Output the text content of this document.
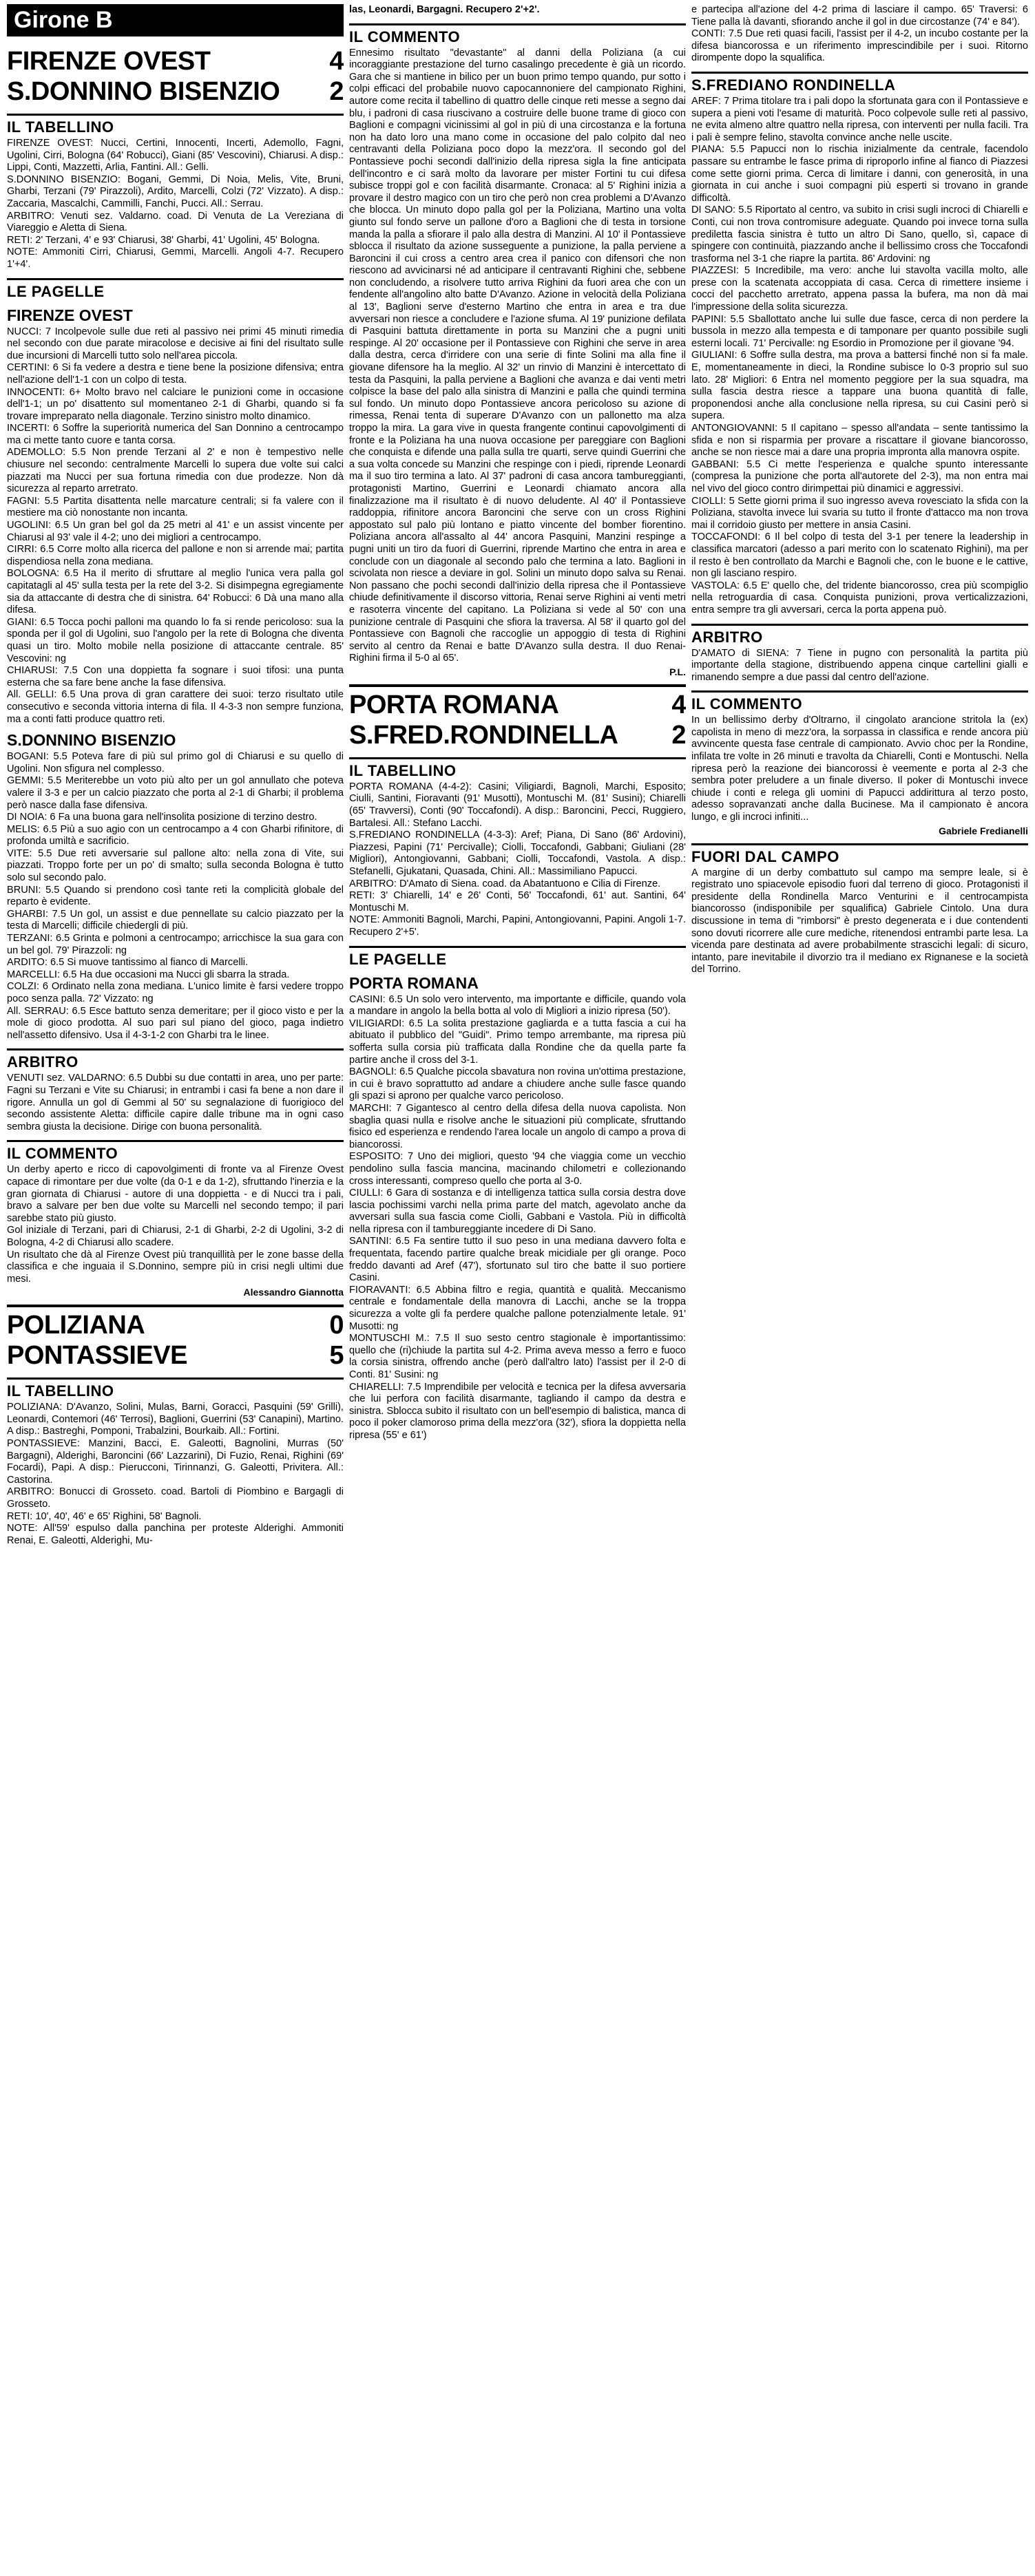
Girone B
FIRENZE OVEST	4
S.DONNINO BISENZIO	2
IL TABELLINO

FIRENZE OVEST: Nucci, Certini, Innocenti, Incerti, Ademollo, Fagni, Ugolini, Cirri, Bologna (64' Robucci), Giani (85' Vescovini), Chiarusi. A disp.: Lippi, Conti, Mazzetti, Arlia, Fantini. All.: Gelli.

S.DONNINO BISENZIO: Bogani, Gemmi, Di Noia, Melis, Vite, Bruni, Gharbi, Terzani (79' Pirazzoli), Ardito, Marcelli, Colzi (72' Vizzato). A disp.: Zaccaria, Mascalchi, Cammilli, Fanchi, Pucci. All.: Serrau.

ARBITRO: Venuti sez. Valdarno. coad. Di Venuta de La Vereziana di Viareggio e Aletta di Siena.

RETI: 2' Terzani, 4' e 93' Chiarusi, 38' Gharbi, 41' Ugolini, 45' Bologna.

NOTE: Ammoniti Cirri, Chiarusi, Gemmi, Marcelli. Angoli 4-7. Recupero 1'+4'.

LE PAGELLE
FIRENZE OVEST

NUCCI: 7 Incolpevole sulle due reti al passivo nei primi 45 minuti rimedia nel secondo con due parate miracolose e decisive ai fini del risultato sulle due incursioni di Marcelli tutto solo nell'area piccola.

CERTINI: 6 Si fa vedere a destra e tiene bene la posizione difensiva; entra nell'azione dell'1-1 con un colpo di testa.

INNOCENTI: 6+ Molto bravo nel calciare le punizioni come in occasione dell'1-1; un po' disattento sul momentaneo 2-1 di Gharbi, quando si fa trovare impreparato nella diagonale. Terzino sinistro molto dinamico.

INCERTI: 6 Soffre la superiorità numerica del San Donnino a centrocampo ma ci mette tanto cuore e tanta corsa.

ADEMOLLO: 5.5 Non prende Terzani al 2' e non è tempestivo nelle chiusure nel secondo: centralmente Marcelli lo supera due volte sui calci piazzati ma Nucci per sua fortuna rimedia con due prodezze. Non dà sicurezza al reparto arretrato.

FAGNI: 5.5 Partita disattenta nelle marcature centrali; si fa valere con il mestiere ma ciò nonostante non incanta.

UGOLINI: 6.5 Un gran bel gol da 25 metri al 41' e un assist vincente per Chiarusi al 93' vale il 4-2; uno dei migliori a centrocampo.

CIRRI: 6.5 Corre molto alla ricerca del pallone e non si arrende mai; partita dispendiosa nella zona mediana.

BOLOGNA: 6.5 Ha il merito di sfruttare al meglio l'unica vera palla gol capitatagli al 45' sulla testa per la rete del 3-2. Si disimpegna egregiamente sia da attaccante di destra che di sinistra. 64' Robucci: 6 Dà una mano alla difesa.

GIANI: 6.5 Tocca pochi palloni ma quando lo fa si rende pericoloso: sua la sponda per il gol di Ugolini, suo l'angolo per la rete di Bologna che diventa quasi un tiro. Molto mobile nella posizione di attaccante centrale. 85' Vescovini: ng

CHIARUSI: 7.5 Con una doppietta fa sognare i suoi tifosi: una punta esterna che sa fare bene anche la fase difensiva.

All. GELLI: 6.5 Una prova di gran carattere dei suoi: terzo risultato utile consecutivo e seconda vittoria interna di fila. Il 4-3-3 non sempre funziona, ma a conti fatti produce quattro reti.

S.DONNINO BISENZIO

BOGANI: 5.5 Poteva fare di più sul primo gol di Chiarusi e su quello di Ugolini. Non sfigura nel complesso.

GEMMI: 5.5 Meriterebbe un voto più alto per un gol annullato che poteva valere il 3-3 e per un calcio piazzato che porta al 2-1 di Gharbi; il problema però nasce dalla fase difensiva.

DI NOIA: 6 Fa una buona gara nell'insolita posizione di terzino destro.

MELIS: 6.5 Più a suo agio con un centrocampo a 4 con Gharbi rifinitore, di profonda umiltà e sacrificio.

VITE: 5.5 Due reti avversarie sul pallone alto: nella zona di Vite, sui piazzati. Troppo forte per un po' di smalto; sulla seconda Bologna è tutto solo sul secondo palo.

BRUNI: 5.5 Quando si prendono così tante reti la complicità globale del reparto è evidente.

GHARBI: 7.5 Un gol, un assist e due pennellate su calcio piazzato per la testa di Marcelli; difficile chiedergli di più.

TERZANI: 6.5 Grinta e polmoni a centrocampo; arricchisce la sua gara con un bel gol. 79' Pirazzoli: ng

ARDITO: 6.5 Si muove tantissimo al fianco di Marcelli.

MARCELLI: 6.5 Ha due occasioni ma Nucci gli sbarra la strada.

COLZI: 6 Ordinato nella zona mediana. L'unico limite è farsi vedere troppo poco senza palla. 72' Vizzato: ng

All. SERRAU: 6.5 Esce battuto senza demeritare; per il gioco visto e per la mole di gioco prodotta. Al suo pari sul piano del gioco, paga indietro nell'assetto difensivo. Usa il 4-3-1-2 con Gharbi tra le linee.

ARBITRO

VENUTI sez. VALDARNO: 6.5 Dubbi su due contatti in area, uno per parte: Fagni su Terzani e Vite su Chiarusi; in entrambi i casi fa bene a non dare il rigore. Annulla un gol di Gemmi al 50' su segnalazione di fuorigioco del secondo assistente Aletta: difficile capire dalle tribune ma in ogni caso sembra giusta la decisione. Dirige con buona personalità.

IL COMMENTO

Un derby aperto e ricco di capovolgimenti di fronte va al Firenze Ovest capace di rimontare per due volte (da 0-1 e da 1-2), sfruttando l'inerzia e la gran giornata di Chiarusi - autore di una doppietta - e di Nucci tra i pali, bravo a salvare per ben due volte su Marcelli nel secondo tempo; il pari sarebbe stato più giusto.

Gol iniziale di Terzani, pari di Chiarusi, 2-1 di Gharbi, 2-2 di Ugolini, 3-2 di Bologna, 4-2 di Chiarusi allo scadere.

Un risultato che dà al Firenze Ovest più tranquillità per le zone basse della classifica e che inguaia il S.Donnino, sempre più in crisi negli ultimi due mesi.

Alessandro Giannotta
POLIZIANA	0
PONTASSIEVE	5
IL TABELLINO

POLIZIANA: D'Avanzo, Solini, Mulas, Barni, Goracci, Pasquini (59' Grilli), Leonardi, Contemori (46' Terrosi), Baglioni, Guerrini (53' Canapini), Martino. A disp.: Bastreghi, Pomponi, Trabalzini, Bourkaib. All.: Fortini.

PONTASSIEVE: Manzini, Bacci, E. Galeotti, Bagnolini, Murras (50' Bargagni), Alderighi, Baroncini (66' Lazzarini), Di Fuzio, Renai, Righini (69' Focardi), Papi. A disp.: Pierucconi, Tirinnanzi, G. Galeotti, Privitera. All.: Castorina.

ARBITRO: Bonucci di Grosseto. coad. Bartoli di Piombino e Bargagli di Grosseto.

RETI: 10', 40', 46' e 65' Righini, 58' Bagnoli.

NOTE: All'59' espulso dalla panchina per proteste Alderighi. Ammoniti Renai, E. Galeotti, Alderighi, Mu-

las, Leonardi, Bargagni. Recupero 2'+2'.

IL COMMENTO

Ennesimo risultato "devastante" al danni della Poliziana (a cui incoraggiante prestazione del turno casalingo precedente è già un ricordo. Gara che si mantiene in bilico per un buon primo tempo quando, pur sotto i colpi efficaci del probabile nuovo capocannoniere del campionato Righini, autore come recita il tabellino di quattro delle cinque reti messe a segno dai blu, i padroni di casa riuscivano a costruire delle buone trame di gioco con Baglioni e compagni vicinissimi al gol in più di una circostanza e la fortuna non ha dato loro una mano come in occasione del palo colpito dal neo centravanti della Poliziana poco dopo la mezz'ora. Il secondo gol del Pontassieve pochi secondi dall'inizio della ripresa sigla la fine anticipata dell'incontro e ci sarà molto da lavorare per mister Fortini tu cui difesa subisce troppi gol e con facilità disarmante. Cronaca: al 5' Righini inizia a provare il destro magico con un tiro che però non crea problemi a D'Avanzo che blocca. Un minuto dopo palla gol per la Poliziana, Martino una volta giunto sul fondo serve un pallone d'oro a Baglioni che di testa in torsione manda la palla a sfiorare il palo alla destra di Manzini. Al 10' il Pontassieve sblocca il risultato da azione susseguente a punizione, la palla perviene a Baroncini il cui cross a centro area crea il panico con difensori che non riescono ad avvicinarsi né ad anticipare il centravanti Righini che, sebbene non concludendo, a risolvere tutto arriva Righini da fuori area che con un fendente all'angolino alto batte D'Avanzo. Azione in velocità della Poliziana al 13', Baglioni serve d'esterno Martino che entra in area e tra due avversari non riesce a concludere e l'azione sfuma. Al 19' punizione defilata di Pasquini battuta direttamente in porta su Manzini che a pugni uniti respinge. Al 20' occasione per il Pontassieve con Righini che serve in area dalla destra, cerca d'irridere con una serie di finte Solini ma alla fine il giovane difensore ha la meglio. Al 32' un rinvio di Manzini è intercettato di testa da Pasquini, la palla perviene a Baglioni che avanza e dai venti metri colpisce la base del palo alla sinistra di Manzini e palla che quindi termina sul fondo. Un minuto dopo Pontassieve ancora pericoloso su azione di rimessa, Renai tenta di superare D'Avanzo con un pallonetto ma alza troppo la mira. La gara vive in questa frangente continui capovolgimenti di fronte e la Poliziana ha una nuova occasione per pareggiare con Baglioni che conquista e difende una palla sulla tre quarti, serve quindi Guerrini che a sua volta concede su Manzini che respinge con i piedi, riprende Leonardi ma il suo tiro termina a lato. Al 37' padroni di casa ancora tambureggianti, protagonisti Martino, Guerrini e Leonardi chiamato ancora alla finalizzazione ma il risultato è di nuovo deludente. Al 40' il Pontassieve raddoppia, rifinitore ancora Baroncini che serve con un cross Righini appostato sul palo più lontano e piatto vincente del bomber fiorentino. Poliziana ancora all'assalto al 44' ancora Pasquini, Manzini respinge a pugni uniti un tiro da fuori di Guerrini, riprende Martino che entra in area e conclude con un diagonale al secondo palo che termina a lato. Baglioni in scivolata non riesce a deviare in gol. Solini un minuto dopo salva su Renai. Non passano che pochi secondi dall'inizio della ripresa che il Pontassieve chiude definitivamente il discorso vittoria, Renai serve Righini ai venti metri e rasoterra vincente del capitano. La Poliziana si vede al 50' con una punizione centrale di Pasquini che sfiora la traversa. Al 58' il quarto gol del Pontassieve con Bagnoli che raccoglie un appoggio di testa di Righini servito al centro da Renai e batte D'Avanzo sulla destra. Il duo Renai-Righini firma il 5-0 al 65'.

P.L.
PORTA ROMANA	4
S.FRED.RONDINELLA	2
IL TABELLINO

PORTA ROMANA (4-4-2): Casini; Viligiardi, Bagnoli, Marchi, Esposito; Ciulli, Santini, Fioravanti (91' Musotti), Montuschi M. (81' Susini); Chiarelli (65' Travversi), Conti (90' Toccafondi). A disp.: Baroncini, Pecci, Ruggiero, Bartalesi. All.: Stefano Lacchi.

S.FREDIANO RONDINELLA (4-3-3): Aref; Piana, Di Sano (86' Ardovini), Piazzesi, Papini (71' Percivalle); Ciolli, Toccafondi, Gabbani; Giuliani (28' Migliori), Antongiovanni, Gabbani; Ciolli, Toccafondi, Vastola. A disp.: Stefanelli, Gjukatani, Quasada, Chini. All.: Massimiliano Papucci.

ARBITRO: D'Amato di Siena. coad. da Abatantuono e Cilia di Firenze.

RETI: 3' Chiarelli, 14' e 26' Conti, 56' Toccafondi, 61' aut. Santini, 64' Montuschi M.

NOTE: Ammoniti Bagnoli, Marchi, Papini, Antongiovanni, Papini. Angoli 1-7. Recupero 2'+5'.

LE PAGELLE
PORTA ROMANA

CASINI: 6.5 Un solo vero intervento, ma importante e difficile, quando vola a mandare in angolo la bella botta al volo di Migliori a inizio ripresa (50').

VILIGIARDI: 6.5 La solita prestazione gagliarda e a tutta fascia a cui ha abituato il pubblico del "Guidi". Primo tempo arrembante, ma ripresa più sofferta sulla corsia più trafficata dalla Rondine che da quella parte fa partire anche il cross del 3-1.

BAGNOLI: 6.5 Qualche piccola sbavatura non rovina un'ottima prestazione, in cui è bravo soprattutto ad andare a chiudere anche sulle fasce quando gli spazi si aprono per qualche varco pericoloso.

MARCHI: 7 Gigantesco al centro della difesa della nuova capolista. Non sbaglia quasi nulla e risolve anche le situazioni più complicate, sfruttando fisico ed esperienza e rendendo l'area locale un angolo di campo a prova di biancorossi.

ESPOSITO: 7 Uno dei migliori, questo '94 che viaggia come un vecchio pendolino sulla fascia mancina, macinando chilometri e collezionando cross interessanti, compreso quello che porta al 3-0.

CIULLI: 6 Gara di sostanza e di intelligenza tattica sulla corsia destra dove lascia pochissimi varchi nella prima parte del match, agevolato anche da avversari sulla sua fascia come Ciolli, Gabbani e Vastola. Più in difficoltà nella ripresa con il tambureggiante incedere di Di Sano.

SANTINI: 6.5 Fa sentire tutto il suo peso in una mediana davvero folta e frequentata, facendo partire qualche break micidiale per gli orange. Poco freddo davanti ad Aref (47'), sfortunato sul tiro che batte il suo portiere Casini.

FIORAVANTI: 6.5 Abbina filtro e regia, quantità e qualità. Meccanismo centrale e fondamentale della manovra di Lacchi, anche se la troppa sicurezza a volte gli fa perdere qualche pallone potenzialmente letale. 91' Musotti: ng

MONTUSCHI M.: 7.5 Il suo sesto centro stagionale è importantissimo: quello che (ri)chiude la partita sul 4-2. Prima aveva messo a ferro e fuoco la corsia sinistra, offrendo anche (però dall'altro lato) l'assist per il 2-0 di Conti. 81' Susini: ng

CHIARELLI: 7.5 Imprendibile per velocità e tecnica per la difesa avversaria che lui perfora con facilità disarmante, tagliando il campo da destra e sinistra. Sblocca subito il risultato con un bell'esempio di balistica, manca di poco il poker clamoroso prima della mezz'ora (32'), sfiora la doppietta nella ripresa (55' e 61')

e partecipa all'azione del 4-2 prima di lasciare il campo. 65' Traversi: 6 Tiene palla là davanti, sfiorando anche il gol in due circostanze (74' e 84').

CONTI: 7.5 Due reti quasi facili, l'assist per il 4-2, un incubo costante per la difesa biancorossa e un riferimento imprescindibile per i suoi. Ritorno dirompente dopo la squalifica.

S.FREDIANO RONDINELLA

AREF: 7 Prima titolare tra i pali dopo la sfortunata gara con il Pontassieve e supera a pieni voti l'esame di maturità. Poco colpevole sulle reti al passivo, ne evita almeno altre quattro nella ripresa, con interventi per nulla facili. Tra i pali è sempre felino, stavolta convince anche nelle uscite.

PIANA: 5.5 Papucci non lo rischia inizialmente da centrale, facendolo passare su entrambe le fasce prima di riproporlo infine al fianco di Piazzesi come sette giorni prima. Cerca di limitare i danni, con generosità, in una giornata in cui anche i suoi compagni più esperti si trovano in grande difficoltà.

DI SANO: 5.5 Riportato al centro, va subito in crisi sugli incroci di Chiarelli e Conti, cui non trova contromisure adeguate. Quando poi invece torna sulla prediletta fascia sinistra è tutto un altro Di Sano, quello, sì, capace di spingere con continuità, piazzando anche il bellissimo cross che Toccafondi trasforma nel 3-1 che riapre la partita. 86' Ardovini: ng

PIAZZESI: 5 Incredibile, ma vero: anche lui stavolta vacilla molto, alle prese con la scatenata accoppiata di casa. Cerca di rimettere insieme i cocci del pacchetto arretrato, appena passa la bufera, ma non dà mai l'impressione della solita sicurezza.

PAPINI: 5.5 Sballottato anche lui sulle due fasce, cerca di non perdere la bussola in mezzo alla tempesta e di tamponare per quanto possibile sugli esterni locali. 71' Percivalle: ng Esordio in Promozione per il giovane '94.

GIULIANI: 6 Soffre sulla destra, ma prova a battersi finché non si fa male. E, momentaneamente in dieci, la Rondine subisce lo 0-3 proprio sul suo lato. 28' Migliori: 6 Entra nel momento peggiore per la sua squadra, ma sulla fascia destra riesce a tappare una buona quantità di falle, proponendosi anche alla conclusione nella ripresa, su cui Casini però si supera.

ANTONGIOVANNI: 5 Il capitano – spesso all'andata – sente tantissimo la sfida e non si risparmia per provare a riscattare il giovane biancorosso, anche se non riesce mai a dare una propria impronta alla manovra ospite.

GABBANI: 5.5 Ci mette l'esperienza e qualche spunto interessante (compresa la punizione che porta all'autorete del 2-3), ma non entra mai nel vivo del gioco contro dirimpettai più dinamici e aggressivi.

CIOLLI: 5 Sette giorni prima il suo ingresso aveva rovesciato la sfida con la Poliziana, stavolta invece lui svaria su tutto il fronte d'attacco ma non trova mai il corridoio giusto per mettere in ansia Casini.

TOCCAFONDI: 6 Il bel colpo di testa del 3-1 per tenere la leadership in classifica marcatori (adesso a pari merito con lo scatenato Righini), ma per il resto è ben controllato da Marchi e Bagnoli che, con le buone e le cattive, non gli lasciano respiro.

VASTOLA: 6.5 E' quello che, del tridente biancorosso, crea più scompiglio nella retroguardia di casa. Conquista punizioni, prova verticalizzazioni, entra sempre tra gli avversari, cerca la porta appena può.

ARBITRO

D'AMATO di SIENA: 7 Tiene in pugno con personalità la partita più importante della stagione, distribuendo appena cinque cartellini gialli e rimanendo sempre a due passi dal centro dell'azione.

IL COMMENTO

In un bellissimo derby d'Oltrarno, il cingolato arancione stritola la (ex) capolista in meno di mezz'ora, la sorpassa in classifica e rende ancora più avvincente questa fase centrale di campionato. Avvio choc per la Rondine, infilata tre volte in 26 minuti e travolta da Chiarelli, Conti e Montuschi. Nella ripresa però la reazione dei biancorossi è veemente e porta al 2-3 che sembra poter preludere a un finale diverso. Il poker di Montuschi invece chiude i conti e relega gli uomini di Papucci addirittura al terzo posto, adesso sopravanzati anche dalla Bucinese. Ma il campionato è ancora lungo, e gli incroci infiniti...

Gabriele Fredianelli
FUORI DAL CAMPO

A margine di un derby combattuto sul campo ma sempre leale, si è registrato uno spiacevole episodio fuori dal terreno di gioco. Protagonisti il presidente della Rondinella Marco Venturini e il centrocampista biancorosso (indisponibile per squalifica) Gabriele Cintolo. Una dura discussione in tema di "rimborsi" è presto degenerata e i due contendenti sono dovuti ricorrere alle cure mediche, ritenendosi entrambi parte lesa. La vicenda pare destinata ad avere probabilmente strascichi legali: di sicuro, intanto, pare inevitabile il divorzio tra il mediano ex Rignanese e la società del Torrino.
